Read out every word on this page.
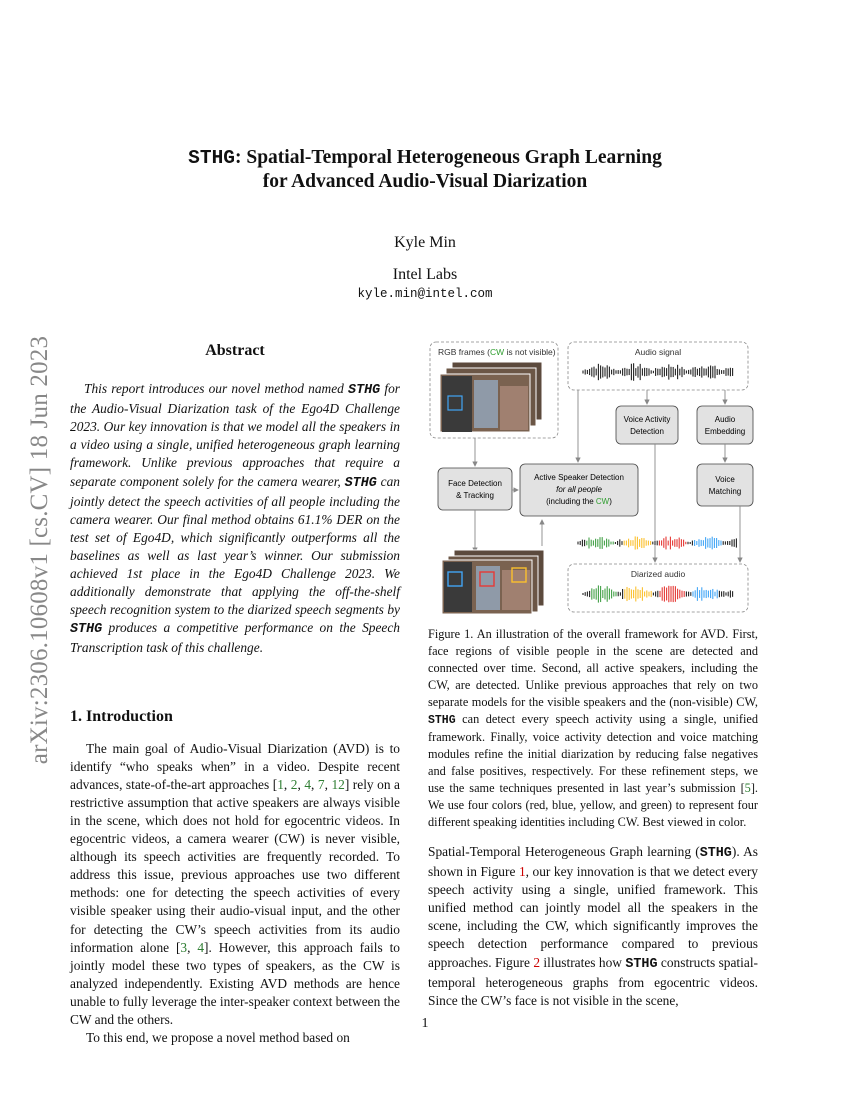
arXiv:2306.10608v1 [cs.CV] 18 Jun 2023
STHG: Spatial-Temporal Heterogeneous Graph Learning
for Advanced Audio-Visual Diarization
Kyle Min
Intel Labs
kyle.min@intel.com
Abstract

This report introduces our novel method named STHG for the Audio-Visual Diarization task of the Ego4D Challenge 2023. Our key innovation is that we model all the speakers in a video using a single, unified heterogeneous graph learning framework. Unlike previous approaches that require a separate component solely for the camera wearer, STHG can jointly detect the speech activities of all people including the camera wearer. Our final method obtains 61.1% DER on the test set of Ego4D, which significantly outperforms all the baselines as well as last year’s winner. Our submission achieved 1st place in the Ego4D Challenge 2023. We additionally demonstrate that applying the off-the-shelf speech recognition system to the diarized speech segments by STHG produces a competitive performance on the Speech Transcription task of this challenge.

1. Introduction

The main goal of Audio-Visual Diarization (AVD) is to identify “who speaks when” in a video. Despite recent advances, state-of-the-art approaches [1, 2, 4, 7, 12] rely on a restrictive assumption that active speakers are always visible in the scene, which does not hold for egocentric videos. In egocentric videos, a camera wearer (CW) is never visible, although its speech activities are frequently recorded. To address this issue, previous approaches use two different methods: one for detecting the speech activities of every visible speaker using their audio-visual input, and the other for detecting the CW’s speech activities from its audio information alone [3, 4]. However, this approach fails to jointly model these two types of speakers, as the CW is analyzed independently. Existing AVD methods are hence unable to fully leverage the inter-speaker context between the CW and the others.

To this end, we propose a novel method based on

RGB frames (CW is not visible)	Audio signal
Voice Activity
Detection
Audio
Embedding
Face Detection
& Tracking
Active Speaker Detection
for all people
(including the CW)
Voice
Matching
Diarized audio
Figure 1. An illustration of the overall framework for AVD. First, face regions of visible people in the scene are detected and connected over time. Second, all active speakers, including the CW, are detected. Unlike previous approaches that rely on two separate models for the visible speakers and the (non-visible) CW, STHG can detect every speech activity using a single, unified framework. Finally, voice activity detection and voice matching modules refine the initial diarization by reducing false negatives and false positives, respectively. For these refinement steps, we use the same techniques presented in last year’s submission [5]. We use four colors (red, blue, yellow, and green) to represent four different speaking identities including CW. Best viewed in color.

Spatial-Temporal Heterogeneous Graph learning (STHG). As shown in Figure 1, our key innovation is that we detect every speech activity using a single, unified framework. This unified method can jointly model all the speakers in the scene, including the CW, which significantly improves the speech detection performance compared to previous approaches. Figure 2 illustrates how STHG constructs spatial-temporal heterogeneous graphs from egocentric videos. Since the CW’s face is not visible in the scene,

1
